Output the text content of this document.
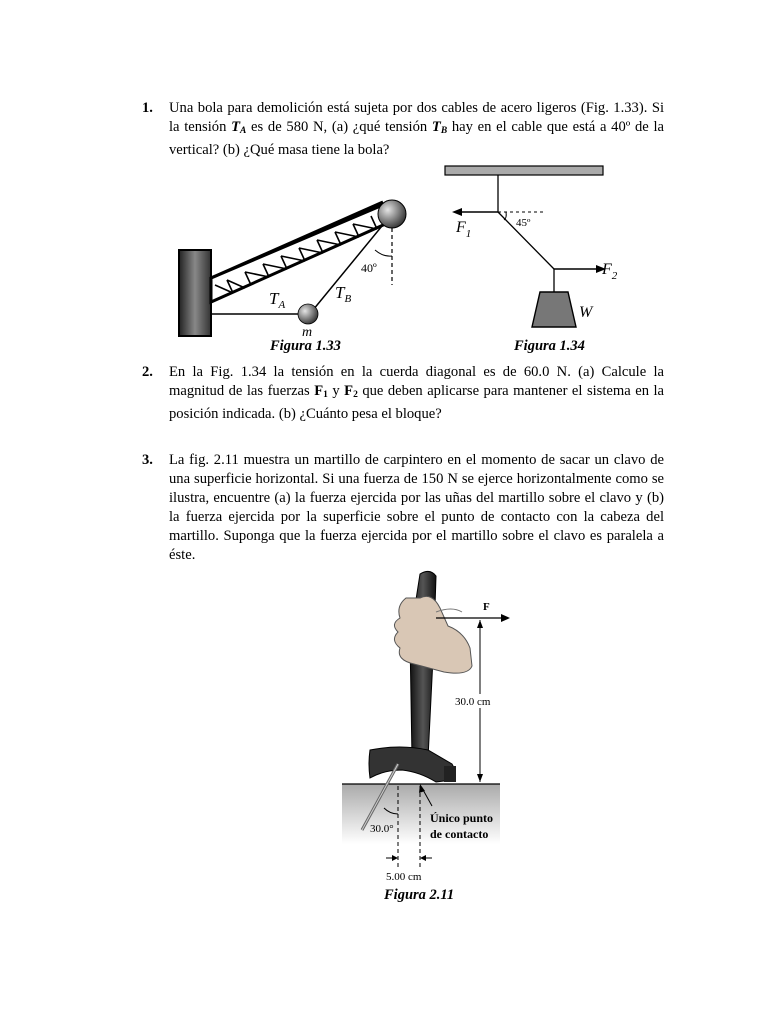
1. Una bola para demolición está sujeta por dos cables de acero ligeros (Fig. 1.33). Si la tensión $T_A$ es de 580 N, (a) ¿qué tensión $T_B$ hay en el cable que está a 40º de la vertical? (b) ¿Qué masa tiene la bola?
40º
$T_A$
$T_B$
m
Figura 1.33
45º
$F_1$
$F_2$
W
Figura 1.34
2. En la Fig. 1.34 la tensión en la cuerda diagonal es de 60.0 N. (a) Calcule la magnitud de las fuerzas $F_1$ y $F_2$ que deben aplicarse para mantener el sistema en la posición indicada. (b) ¿Cuánto pesa el bloque?
3. La fig. 2.11 muestra un martillo de carpintero en el momento de sacar un clavo de una superficie horizontal. Si una fuerza de 150 N se ejerce horizontalmente como se ilustra, encuentre (a) la fuerza ejercida por las uñas del martillo sobre el clavo y (b) la fuerza ejercida por la superficie sobre el punto de contacto con la cabeza del martillo. Suponga que la fuerza ejercida por el martillo sobre el clavo es paralela a éste.
F
30.0 cm
30.0°
5.00 cm
Único punto
de contacto
Figura 2.11
